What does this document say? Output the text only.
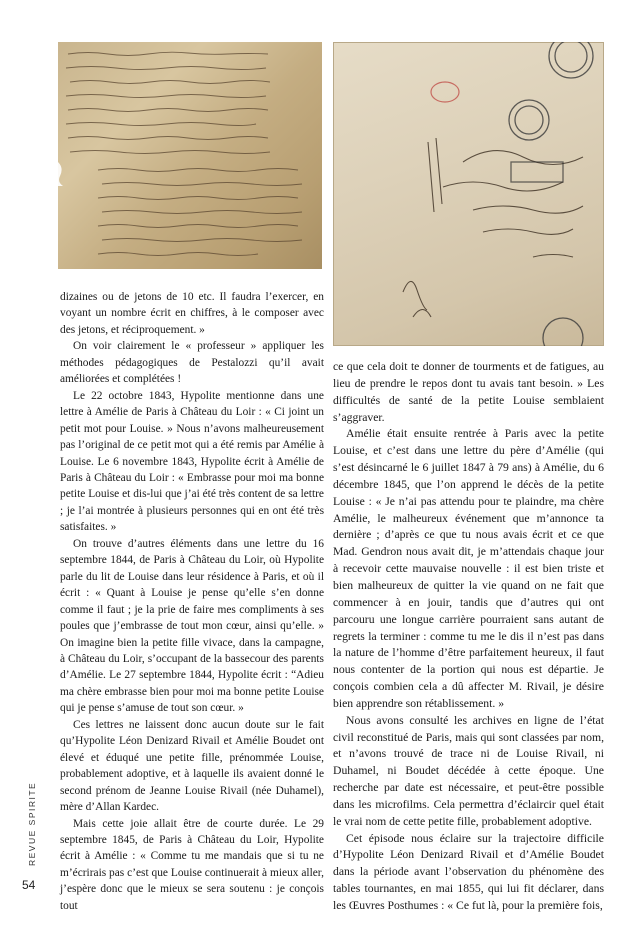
dizaines ou de jetons de 10 etc. Il faudra l’exercer, en voyant un nombre écrit en chiffres, à le composer avec des jetons, et réciproquement. »

On voir clairement le « professeur » appliquer les méthodes pédagogiques de Pestalozzi qu’il avait améliorées et complétées !

Le 22 octobre 1843, Hypolite mentionne dans une lettre à Amélie de Paris à Château du Loir : « Ci joint un petit mot pour Louise. » Nous n’avons malheureusement pas l’original de ce petit mot qui a été remis par Amélie à Louise. Le 6 novembre 1843, Hypolite écrit à Amélie de Paris à Château du Loir : « Embrasse pour moi ma bonne petite Louise et dis-lui que j’ai été très content de sa lettre ; je l’ai montrée à plusieurs personnes qui en ont été très satisfaites. »

On trouve d’autres éléments dans une lettre du 16 septembre 1844, de Paris à Château du Loir, où Hypolite parle du lit de Louise dans leur résidence à Paris, et où il écrit : « Quant à Louise je pense qu’elle s’en donne comme il faut ; je la prie de faire mes compliments à ses poules que j’embrasse de tout mon cœur, ainsi qu’elle. » On imagine bien la petite fille vivace, dans la campagne, à Château du Loir, s’occupant de la bassecour des parents d’Amélie. Le 27 septembre 1844, Hypolite écrit : “Adieu ma chère embrasse bien pour moi ma bonne petite Louise qui je pense s’amuse de tout son cœur. »

Ces lettres ne laissent donc aucun doute sur le fait qu’Hypolite Léon Denizard Rivail et Amélie Boudet ont élevé et éduqué une petite fille, prénommée Louise, probablement adoptive, et à laquelle ils avaient donné le second prénom de Jeanne Louise Rivail (née Duhamel), mère d’Allan Kardec.

Mais cette joie allait être de courte durée. Le 29 septembre 1845, de Paris à Château du Loir, Hypolite écrit à Amélie : « Comme tu me mandais que si tu ne m’écrirais pas c’est que Louise continuerait à mieux aller, j’espère donc que le mieux se sera soutenu : je conçois tout

ce que cela doit te donner de tourments et de fatigues, au lieu de prendre le repos dont tu avais tant besoin. » Les difficultés de santé de la petite Louise semblaient s’aggraver.

Amélie était ensuite rentrée à Paris avec la petite Louise, et c’est dans une lettre du père d’Amélie (qui s’est désincarné le 6 juillet 1847 à 79 ans) à Amélie, du 6 décembre 1845, que l’on apprend le décès de la petite Louise : « Je n’ai pas attendu pour te plaindre, ma chère Amélie, le malheureux événement que m’annonce ta dernière ; d’après ce que tu nous avais écrit et ce que Mad. Gendron nous avait dit, je m’attendais chaque jour à recevoir cette mauvaise nouvelle : il est bien triste et bien malheureux de quitter la vie quand on ne fait que commencer à en jouir, tandis que d’autres qui ont parcouru une longue carrière pourraient sans autant de regrets la terminer : comme tu me le dis il n’est pas dans la nature de l’homme d’être parfaitement heureux, il faut nous contenter de la portion qui nous est départie. Je conçois combien cela a dû affecter M. Rivail, je désire bien apprendre son rétablissement. »

Nous avons consulté les archives en ligne de l’état civil reconstitué de Paris, mais qui sont classées par nom, et n’avons trouvé de trace ni de Louise Rivail, ni Duhamel, ni Boudet décédée à cette époque. Une recherche par date est nécessaire, et peut-être possible dans les microfilms. Cela permettra d’éclaircir quel était le vrai nom de cette petite fille, probablement adoptive.

Cet épisode nous éclaire sur la trajectoire difficile d’Hypolite Léon Denizard Rivail et d’Amélie Boudet dans la période avant l’observation du phénomène des tables tournantes, en mai 1855, qui lui fit déclarer, dans les Œuvres Posthumes : « Ce fut là, pour la première fois,

REVUE SPIRITE
54
